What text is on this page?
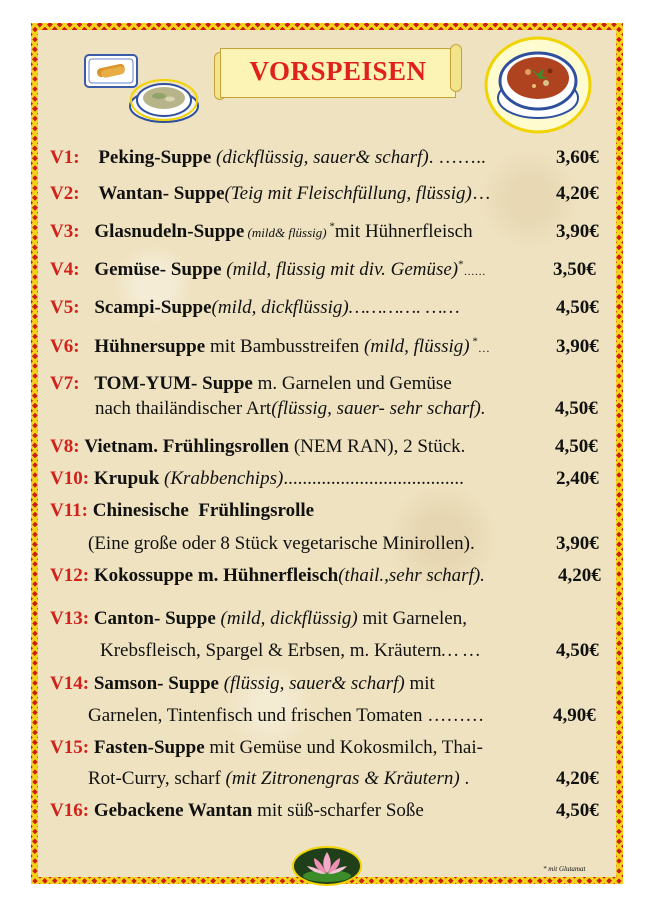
VORSPEISEN
V1: Peking-Suppe (dickflüssig, sauer& scharf). ……..	3,60€
V2: Wantan- Suppe(Teig mit Fleischfüllung, flüssig)…	4,20€
V3: Glasnudeln-Suppe (mild& flüssig) *mit Hühnerfleisch	3,90€
V4: Gemüse- Suppe (mild, flüssig mit div. Gemüse)*……	3,50€
V5: Scampi-Suppe(mild, dickflüssig)…………. ……	4,50€
V6: Hühnersuppe mit Bambusstreifen (mild, flüssig) *…	3,90€
V7: TOM-YUM- Suppe m. Garnelen und Gemüse
nach thailändischer Art(flüssig, sauer- sehr scharf).	4,50€
V8: Vietnam. Frühlingsrollen (NEM RAN), 2 Stück.	4,50€
V10: Krupuk (Krabbenchips)......................................	2,40€
V11: Chinesische  Frühlingsrolle
(Eine große oder 8 Stück vegetarische Minirollen).	3,90€
V12: Kokossuppe m. Hühnerfleisch(thail.,sehr scharf).	4,20€
V13: Canton- Suppe (mild, dickflüssig) mit Garnelen,
Krebsfleisch, Spargel & Erbsen, m. Kräutern… …	4,50€
V14: Samson- Suppe (flüssig, sauer& scharf) mit
Garnelen, Tintenfisch und frischen Tomaten ………	4,90€
V15: Fasten-Suppe mit Gemüse und Kokosmilch, Thai-
Rot-Curry, scharf (mit Zitronengras & Kräutern) .	4,20€
V16: Gebackene Wantan mit süß-scharfer Soße	4,50€
* mit Glutamat
